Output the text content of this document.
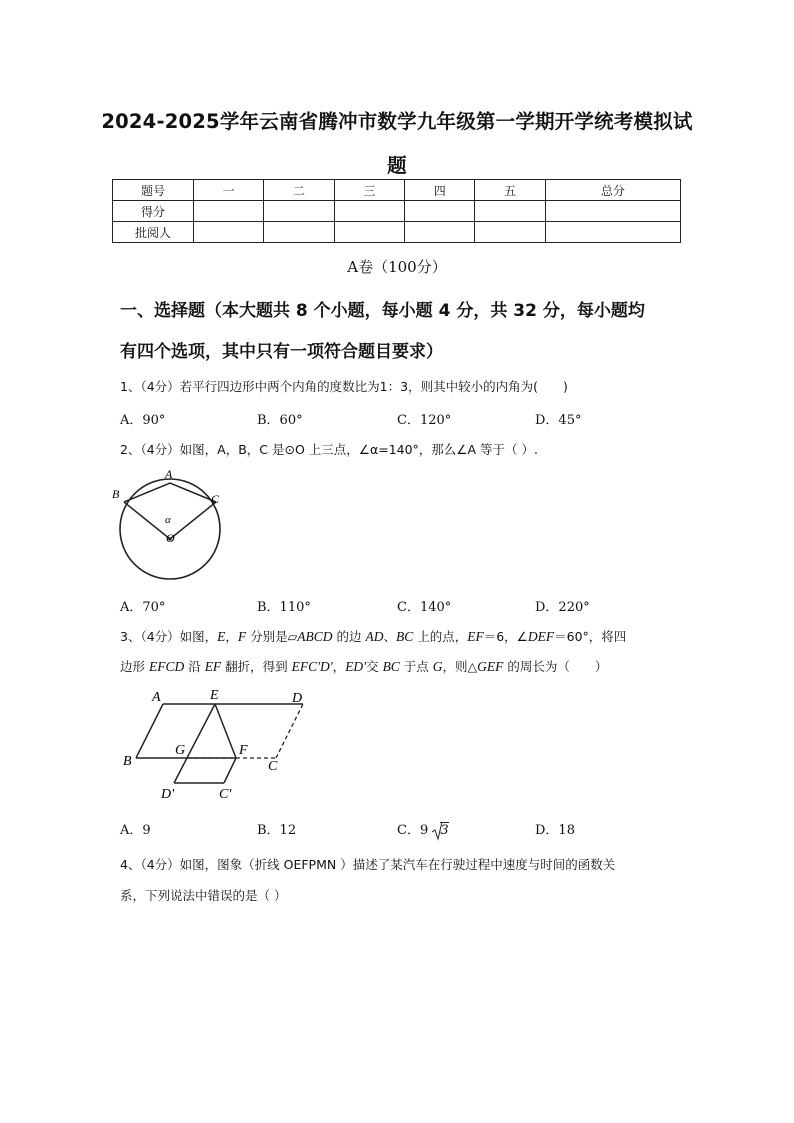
2024-2025学年云南省腾冲市数学九年级第一学期开学统考模拟试
题
题号	一	二	三	四	五	总分
得分						
批阅人						
A卷（100分）
一、选择题（本大题共 8 个小题，每小题 4 分，共 32 分，每小题均
有四个选项，其中只有一项符合题目要求）
1、（4分）若平行四边形中两个内角的度数比为1：3，则其中较小的内角为(　　)
A．90°	B．60°	C．120°	D．45°
2、（4分）如图，A，B，C 是⊙O 上三点，∠α=140°，那么∠A 等于（ ）.
A
B	C
O
α
A．70°	B．110°	C．140°	D．220°
3、（4分）如图，E，F 分别是▱ABCD 的边 AD、BC 上的点，EF＝6，∠DEF＝60°，将四
边形 EFCD 沿 EF 翻折，得到 EFC'D'，ED'交 BC 于点 G，则△GEF 的周长为（　　）
A	E	D
B
G	F
C
D'	C'
A．9	B．12	C．9 3	D．18
4、（4分）如图，图象（折线 OEFPMN ）描述了某汽车在行驶过程中速度与时间的函数关
系，下列说法中错误的是（ ）
